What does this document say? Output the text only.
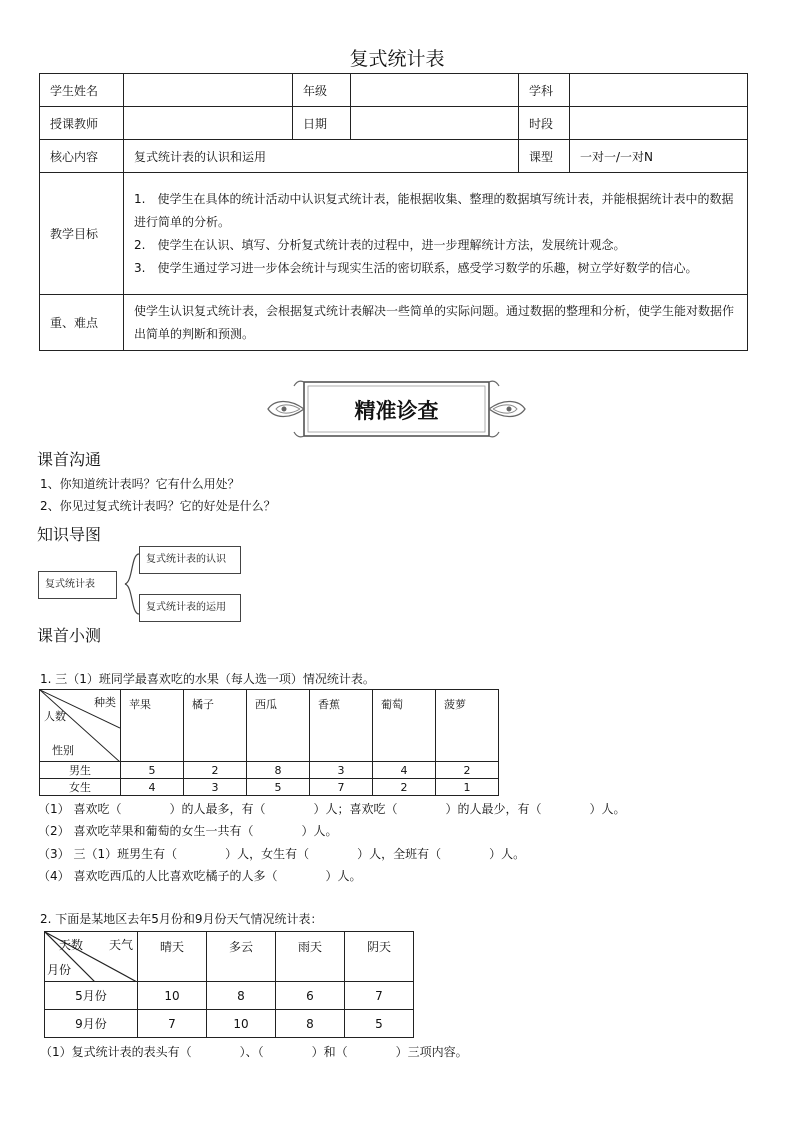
复式统计表
学生姓名		年级		学科	
授课教师		日期		时段	
核心内容	复式统计表的认识和运用			课型	一对一/一对N
教学目标	1.　使学生在具体的统计活动中认识复式统计表，能根据收集、整理的数据填写统计表，并能根据统计表中的数据进行简单的分析。

2.　使学生在认识、填写、分析复式统计表的过程中，进一步理解统计方法，发展统计观念。

3.　使学生通过学习进一步体会统计与现实生活的密切联系，感受学习数学的乐趣，树立学好数学的信心。				

重、难点	使学生认识复式统计表，会根据复式统计表解决一些简单的实际问题。通过数据的整理和分析，使学生能对数据作出简单的判断和预测。				

精准诊查
课首沟通
1、你知道统计表吗？它有什么用处？
2、你见过复式统计表吗？它的好处是什么？
知识导图
复式统计表
复式统计表的认识
复式统计表的运用
课首小测
1. 三（1）班同学最喜欢吃的水果（每人选一项）情况统计表。
种类
人数
性别	苹果	橘子	西瓜	香蕉	葡萄	菠萝
男生	5	2	8	3	4	2
女生	4	3	5	7	2	1
（1） 喜欢吃（　　　　）的人最多，有（　　　　）人；喜欢吃（　　　　）的人最少，有（　　　　）人。
（2） 喜欢吃苹果和葡萄的女生一共有（　　　　）人。
（3） 三（1）班男生有（　　　　）人，女生有（　　　　）人，全班有（　　　　）人。
（4） 喜欢吃西瓜的人比喜欢吃橘子的人多（　　　　）人。
2. 下面是某地区去年5月份和9月份天气情况统计表：
天数 天气
月份	晴天	多云	雨天	阴天
5月份	10	8	6	7
9月份	7	10	8	5
（1）复式统计表的表头有（　　　　）、（　　　　）和（　　　　）三项内容。
